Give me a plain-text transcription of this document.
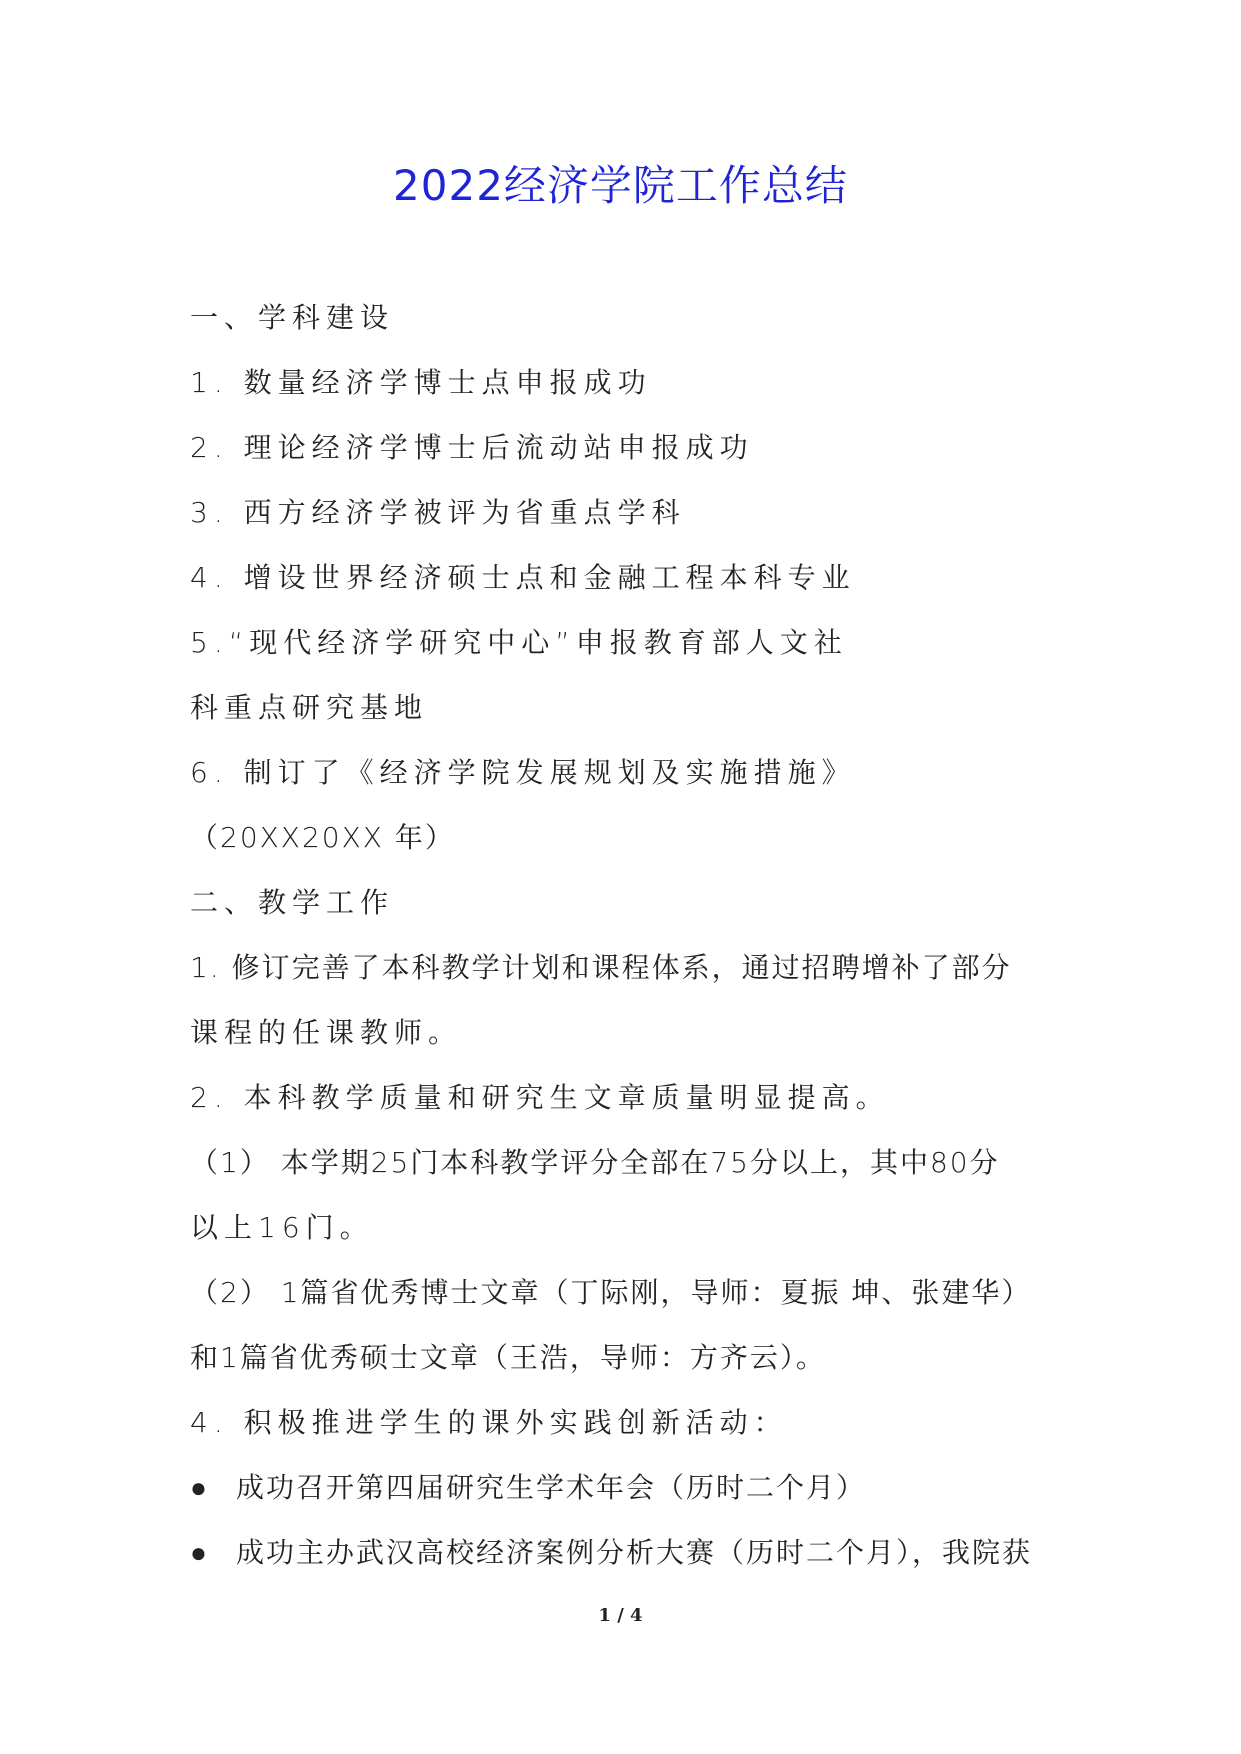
2022经济学院工作总结
一、学科建设
1. 数量经济学博士点申报成功
2. 理论经济学博士后流动站申报成功
3. 西方经济学被评为省重点学科
4. 增设世界经济硕士点和金融工程本科专业
5.“现代经济学研究中心”申报教育部人文社
科重点研究基地
6. 制订了《经济学院发展规划及实施措施》
（20XX20XX 年）
二、教学工作
1. 修订完善了本科教学计划和课程体系，通过招聘增补了部分
课程的任课教师。
2. 本科教学质量和研究生文章质量明显提高。
（1） 本学期25门本科教学评分全部在75分以上，其中80分
以上16门。
（2） 1篇省优秀博士文章（丁际刚，导师：夏振 坤、张建华）
和1篇省优秀硕士文章（王浩，导师：方齐云）。
4. 积极推进学生的课外实践创新活动：
● 成功召开第四届研究生学术年会（历时二个月）
● 成功主办武汉高校经济案例分析大赛（历时二个月），我院获
1 / 4
